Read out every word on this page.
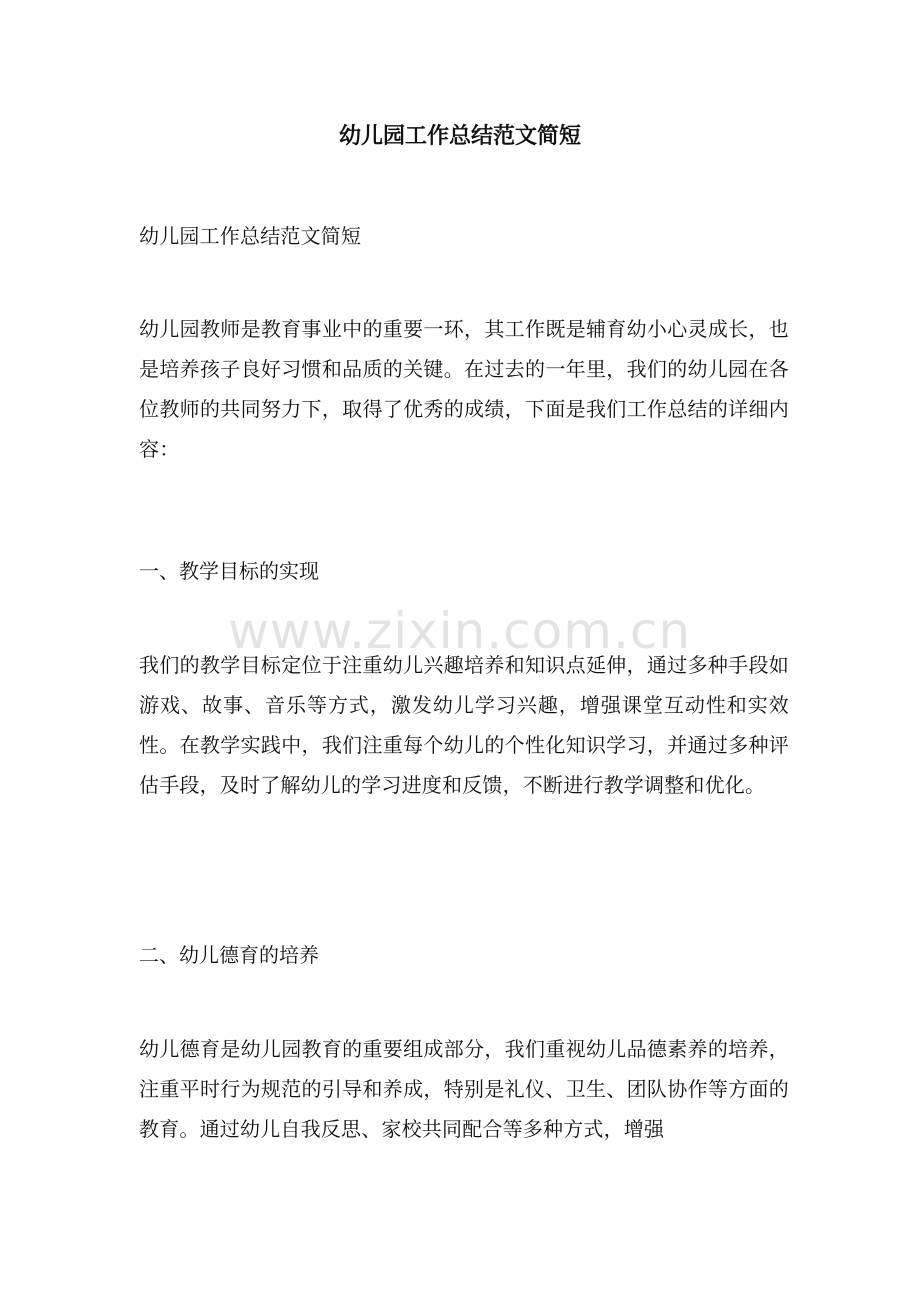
幼儿园工作总结范文简短

幼儿园工作总结范文简短

幼儿园教师是教育事业中的重要一环，其工作既是辅育幼小心灵成长，也是培养孩子良好习惯和品质的关键。在过去的一年里，我们的幼儿园在各位教师的共同努力下，取得了优秀的成绩，下面是我们工作总结的详细内容：

一、教学目标的实现

我们的教学目标定位于注重幼儿兴趣培养和知识点延伸，通过多种手段如游戏、故事、音乐等方式，激发幼儿学习兴趣，增强课堂互动性和实效性。在教学实践中，我们注重每个幼儿的个性化知识学习，并通过多种评估手段，及时了解幼儿的学习进度和反馈，不断进行教学调整和优化。

二、幼儿德育的培养

幼儿德育是幼儿园教育的重要组成部分，我们重视幼儿品德素养的培养，注重平时行为规范的引导和养成，特别是礼仪、卫生、团队协作等方面的教育。通过幼儿自我反思、家校共同配合等多种方式，增强

www.zixin.com.cn
